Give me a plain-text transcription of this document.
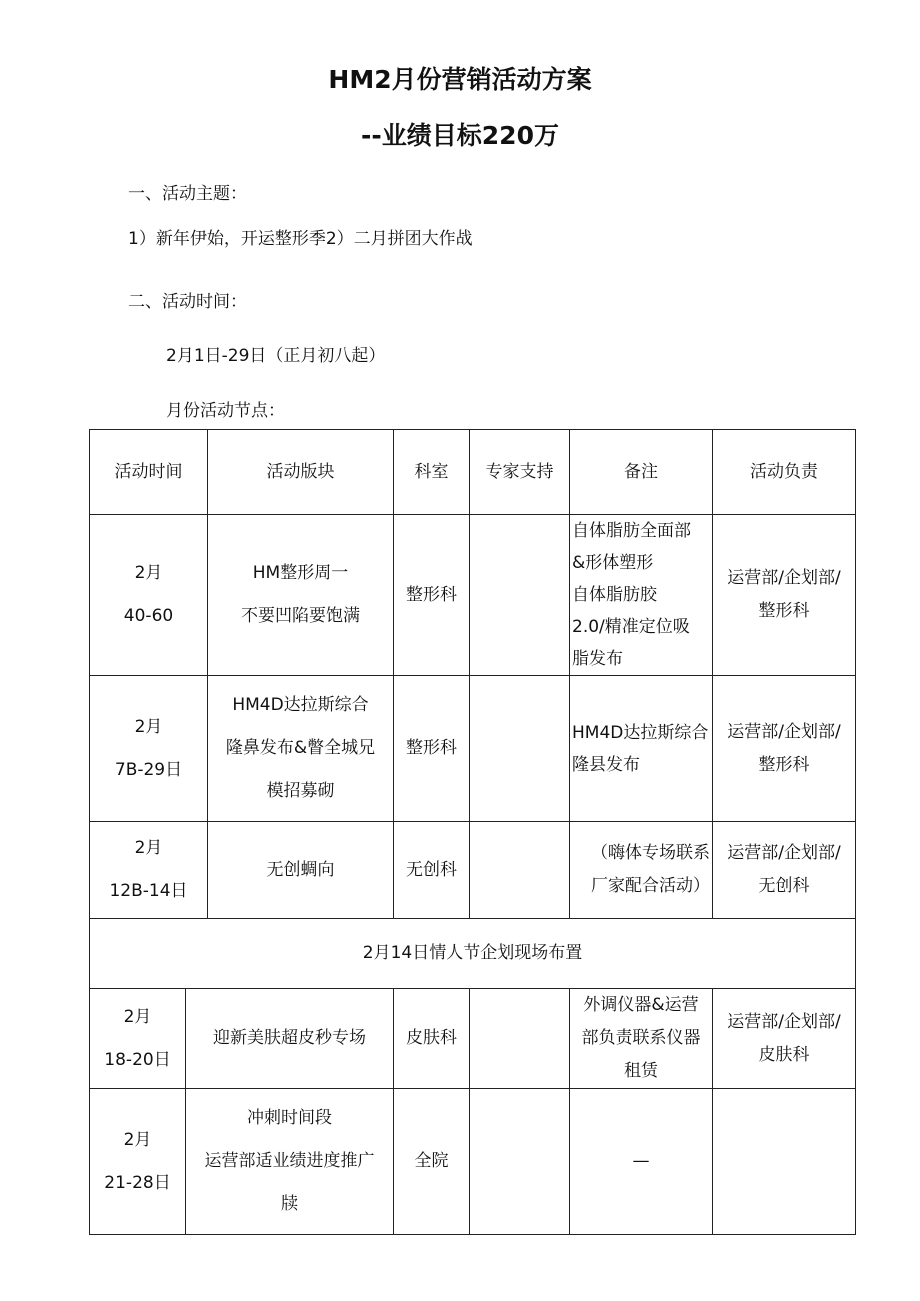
HM2月份营销活动方案
--业绩目标220万
一、活动主题：
1）新年伊始，开运整形季2）二月拼团大作战
二、活动时间：
2月1日-29日（正月初八起）
月份活动节点：
活动时间		活动版块	科室	专家支持	备注	活动负责

2月
40-60		HM整形周一
不要凹陷要饱满	整形科		自体脂肪全面部
&形体塑形
自体脂肪胶
2.0/精准定位吸
脂发布	运营部/企划部/
整形科

2月
7B-29日		HM4D达拉斯综合
隆鼻发布&瞥全城兄
模招募砌	整形科		HM4D达拉斯综合
隆县发布	运营部/企划部/
整形科

2月
12B-14日		无创蜩向	无创科		（嗨体专场联系
厂家配合活动）	运营部/企划部/
无创科

2月14日情人节企划现场布置						

2月
18-20日	迎新美肤超皮秒专场		皮肤科		外调仪器&运营
部负责联系仪器
租赁	运营部/企划部/
皮肤科

2月
21-28日	冲刺时间段
运营部适业绩进度推广
牍		全院		—	
